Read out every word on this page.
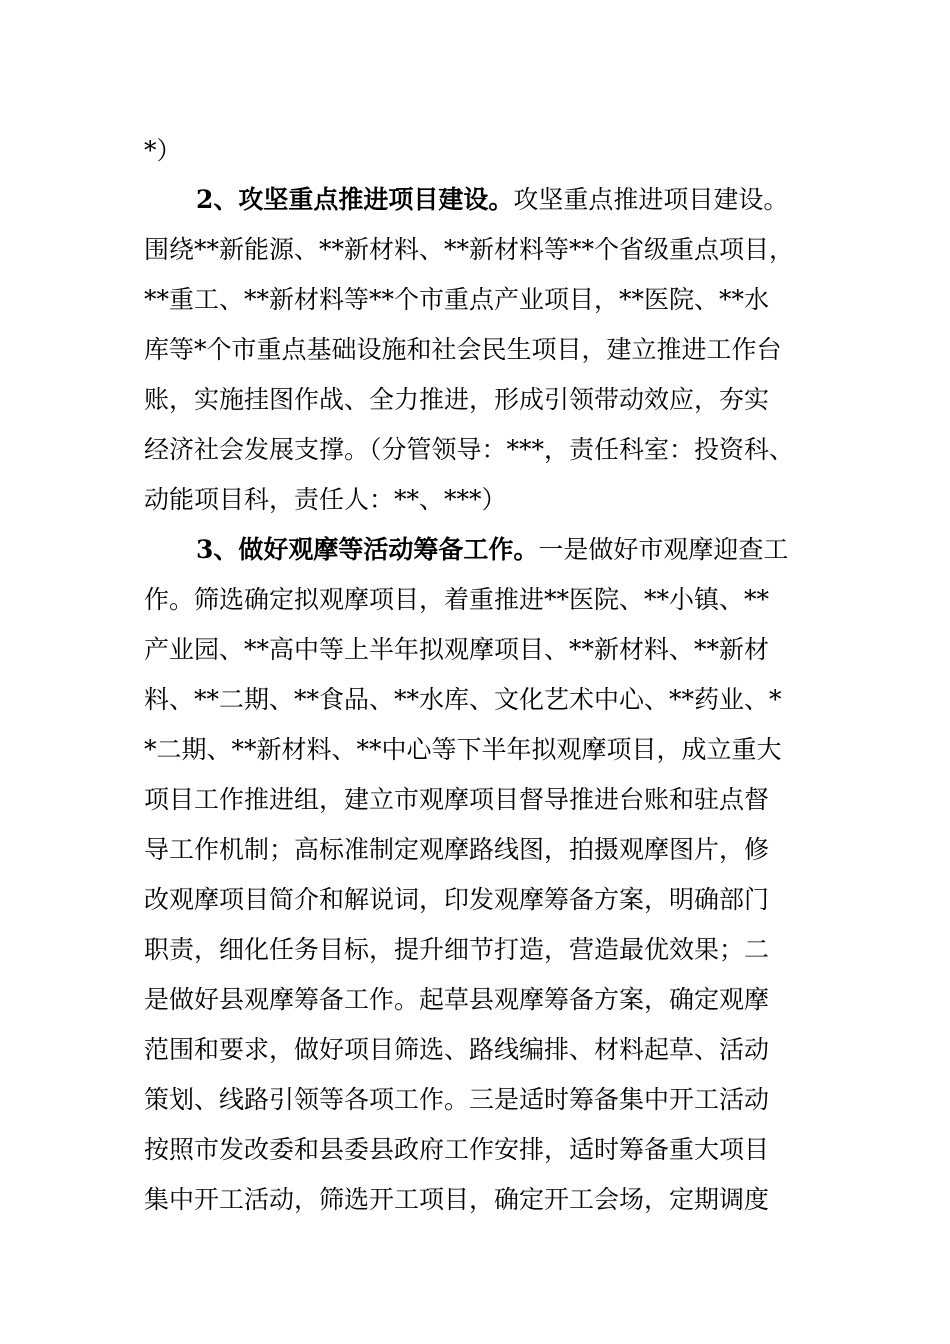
*）
2、攻坚重点推进项目建设。攻坚重点推进项目建设。
围绕**新能源、**新材料、**新材料等**个省级重点项目，
**重工、**新材料等**个市重点产业项目，**医院、**水
库等*个市重点基础设施和社会民生项目，建立推进工作台
账，实施挂图作战、全力推进，形成引领带动效应，夯实
经济社会发展支撑。（分管领导：***，责任科室：投资科、
动能项目科，责任人：**、***）
3、做好观摩等活动筹备工作。一是做好市观摩迎查工
作。筛选确定拟观摩项目，着重推进**医院、**小镇、**
产业园、**高中等上半年拟观摩项目、**新材料、**新材
料、**二期、**食品、**水库、文化艺术中心、**药业、*
*二期、**新材料、**中心等下半年拟观摩项目，成立重大
项目工作推进组，建立市观摩项目督导推进台账和驻点督
导工作机制；高标准制定观摩路线图，拍摄观摩图片，修
改观摩项目简介和解说词，印发观摩筹备方案，明确部门
职责，细化任务目标，提升细节打造，营造最优效果；二
是做好县观摩筹备工作。起草县观摩筹备方案，确定观摩
范围和要求，做好项目筛选、路线编排、材料起草、活动
策划、线路引领等各项工作。三是适时筹备集中开工活动
按照市发改委和县委县政府工作安排，适时筹备重大项目
集中开工活动，筛选开工项目，确定开工会场，定期调度
